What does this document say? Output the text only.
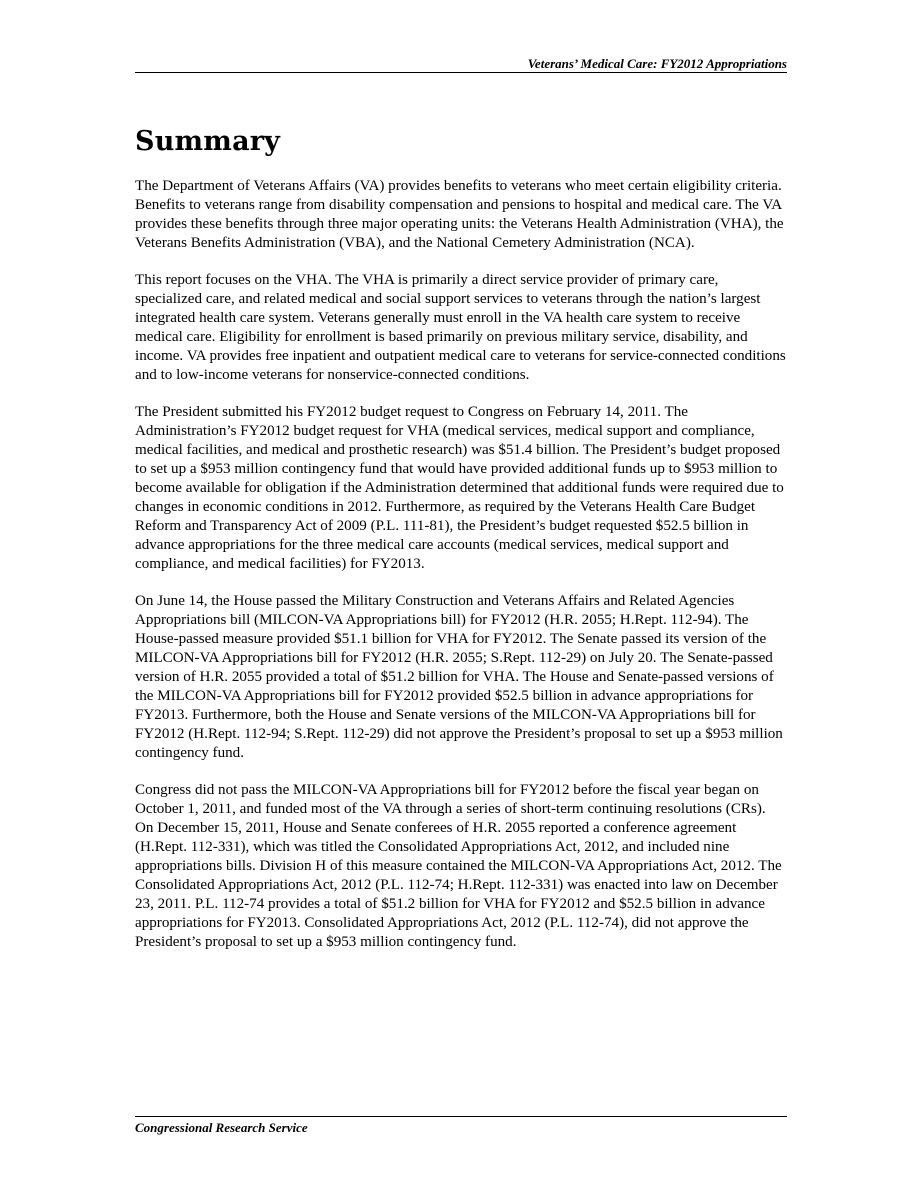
Veterans’ Medical Care: FY2012 Appropriations
Summary

The Department of Veterans Affairs (VA) provides benefits to veterans who meet certain eligibility criteria. Benefits to veterans range from disability compensation and pensions to hospital and medical care. The VA provides these benefits through three major operating units: the Veterans Health Administration (VHA), the Veterans Benefits Administration (VBA), and the National Cemetery Administration (NCA).

This report focuses on the VHA. The VHA is primarily a direct service provider of primary care, specialized care, and related medical and social support services to veterans through the nation’s largest integrated health care system. Veterans generally must enroll in the VA health care system to receive medical care. Eligibility for enrollment is based primarily on previous military service, disability, and income. VA provides free inpatient and outpatient medical care to veterans for service-connected conditions and to low-income veterans for nonservice-connected conditions.

The President submitted his FY2012 budget request to Congress on February 14, 2011. The Administration’s FY2012 budget request for VHA (medical services, medical support and compliance, medical facilities, and medical and prosthetic research) was $51.4 billion. The President’s budget proposed to set up a $953 million contingency fund that would have provided additional funds up to $953 million to become available for obligation if the Administration determined that additional funds were required due to changes in economic conditions in 2012. Furthermore, as required by the Veterans Health Care Budget Reform and Transparency Act of 2009 (P.L. 111-81), the President’s budget requested $52.5 billion in advance appropriations for the three medical care accounts (medical services, medical support and compliance, and medical facilities) for FY2013.

On June 14, the House passed the Military Construction and Veterans Affairs and Related Agencies Appropriations bill (MILCON-VA Appropriations bill) for FY2012 (H.R. 2055; H.Rept. 112-94). The House-passed measure provided $51.1 billion for VHA for FY2012. The Senate passed its version of the MILCON-VA Appropriations bill for FY2012 (H.R. 2055; S.Rept. 112-29) on July 20. The Senate-passed version of H.R. 2055 provided a total of $51.2 billion for VHA. The House and Senate-passed versions of the MILCON-VA Appropriations bill for FY2012 provided $52.5 billion in advance appropriations for FY2013. Furthermore, both the House and Senate versions of the MILCON-VA Appropriations bill for FY2012 (H.Rept. 112-94; S.Rept. 112-29) did not approve the President’s proposal to set up a $953 million contingency fund.

Congress did not pass the MILCON-VA Appropriations bill for FY2012 before the fiscal year began on October 1, 2011, and funded most of the VA through a series of short-term continuing resolutions (CRs). On December 15, 2011, House and Senate conferees of H.R. 2055 reported a conference agreement (H.Rept. 112-331), which was titled the Consolidated Appropriations Act, 2012, and included nine appropriations bills. Division H of this measure contained the MILCON-VA Appropriations Act, 2012. The Consolidated Appropriations Act, 2012 (P.L. 112-74; H.Rept. 112-331) was enacted into law on December 23, 2011. P.L. 112-74 provides a total of $51.2 billion for VHA for FY2012 and $52.5 billion in advance appropriations for FY2013. Consolidated Appropriations Act, 2012 (P.L. 112-74), did not approve the President’s proposal to set up a $953 million contingency fund.

Congressional Research Service
